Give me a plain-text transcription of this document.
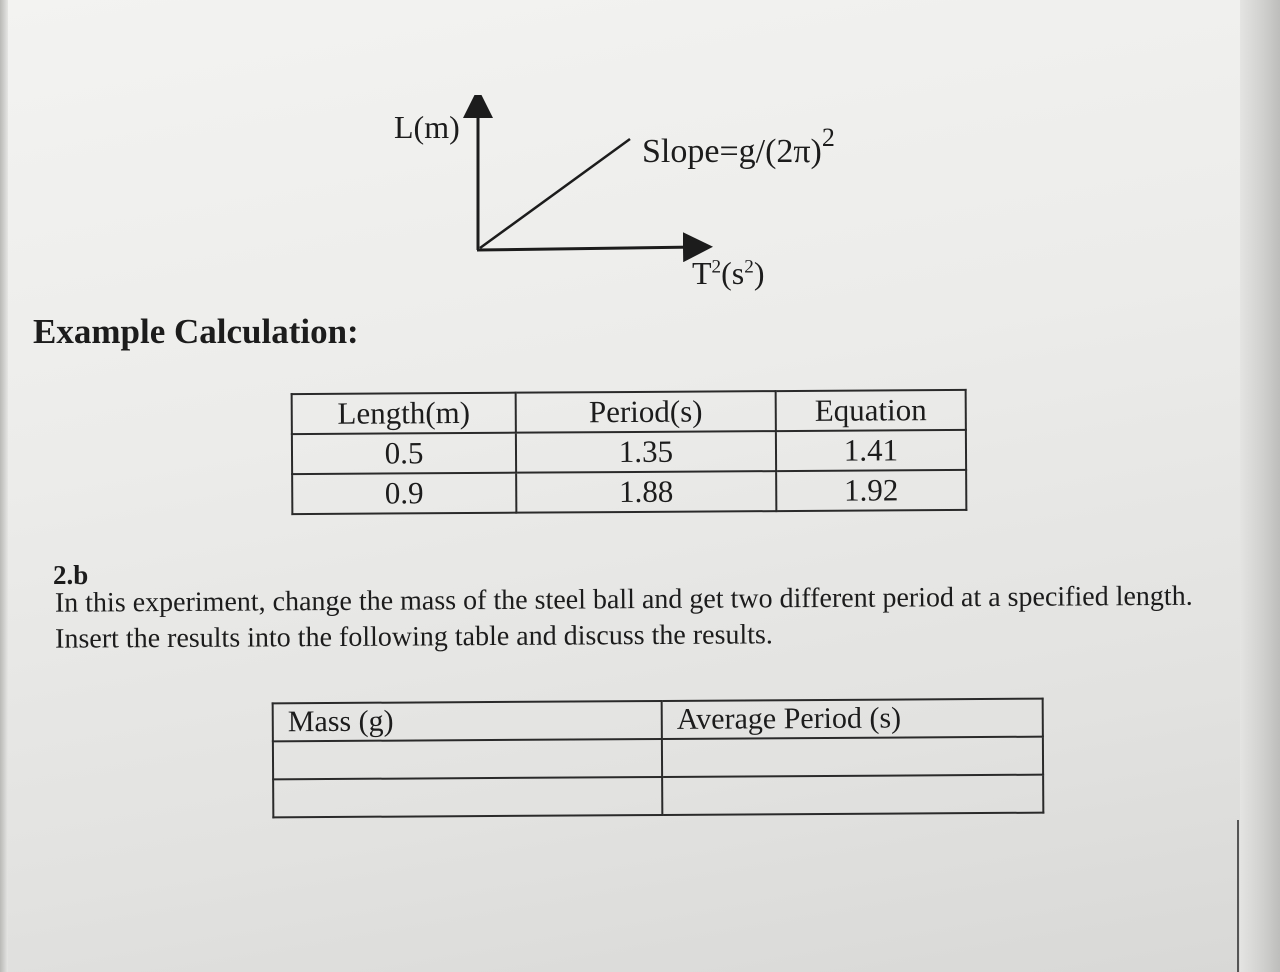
L(m)
$Slope=g/(2\pi)^2$
$T^2(s^2)$
Example Calculation:
Length(m)	Period(s)	Equation
0.5	1.35	1.41
0.9	1.88	1.92
2.b
In this experiment, change the mass of the steel ball and get two different period at a specified length. Insert the results into the following table and discuss the results.
Mass (g)	Average Period (s)
